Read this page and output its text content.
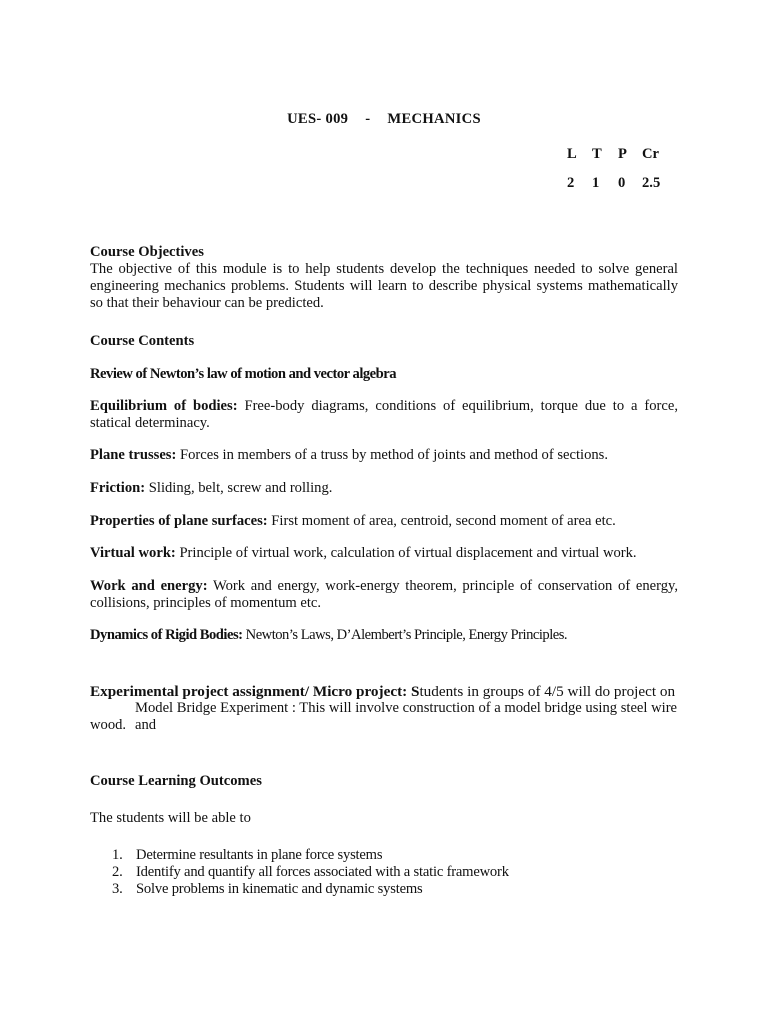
UES- 009 - MECHANICS
L T P Cr
2 1 0 2.5
Course Objectives
The objective of this module is to help students develop the techniques needed to solve general engineering mechanics problems. Students will learn to describe physical systems mathematically so that their behaviour can be predicted.
Course Contents
Review of Newton’s law of motion and vector algebra
Equilibrium of bodies: Free-body diagrams, conditions of equilibrium, torque due to a force, statical determinacy.
Plane trusses: Forces in members of a truss by method of joints and method of sections.
Friction: Sliding, belt, screw and rolling.
Properties of plane surfaces: First moment of area, centroid, second moment of area etc.
Virtual work: Principle of virtual work, calculation of virtual displacement and virtual work.
Work and energy: Work and energy, work-energy theorem, principle of conservation of energy, collisions, principles of momentum etc.
Dynamics of Rigid Bodies: Newton’s Laws, D’Alembert’s Principle, Energy Principles.
Experimental project assignment/ Micro project: Students in groups of 4/5 will do project on
Model Bridge Experiment : This will involve construction of a model bridge using steel wire and
wood.
Course Learning Outcomes
The students will be able to
1. Determine resultants in plane force systems
2. Identify and quantify all forces associated with a static framework
3. Solve problems in kinematic and dynamic systems
